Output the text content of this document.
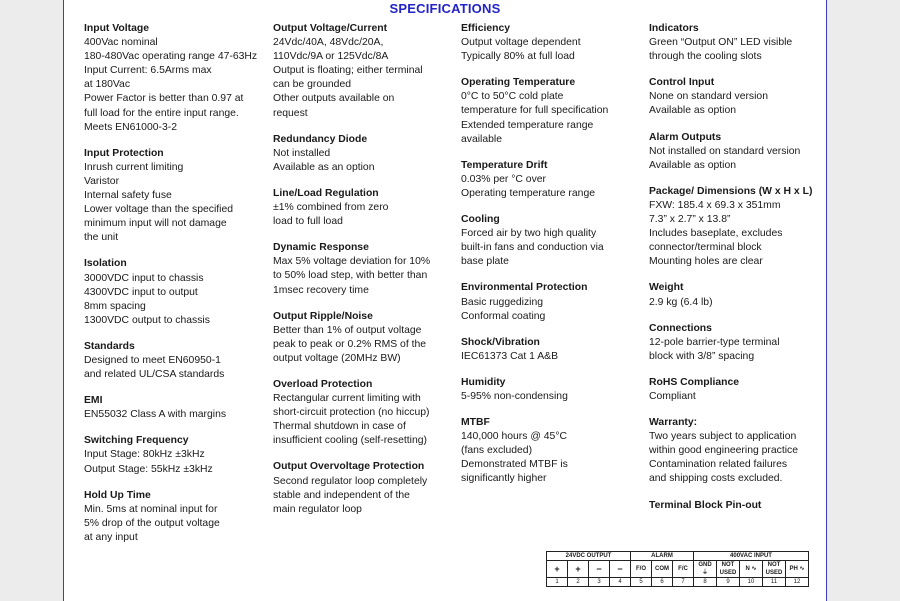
SPECIFICATIONS
Input Voltage
400Vac nominal
180-480Vac operating range 47-63Hz
Input Current: 6.5Arms max
at 180Vac
Power Factor is better than 0.97 at
full load for the entire input range.
Meets EN61000-3-2
Input Protection
Inrush current limiting
Varistor
Internal safety fuse
Lower voltage than the specified
minimum input will not damage
the unit
Isolation
3000VDC input to chassis
4300VDC input to output
8mm spacing
1300VDC output to chassis
Standards
Designed to meet EN60950-1
and related UL/CSA standards
EMI
EN55032 Class A with margins
Switching Frequency
Input Stage: 80kHz ±3kHz
Output Stage: 55kHz ±3kHz
Hold Up Time
Min. 5ms at nominal input for
5% drop of the output voltage
at any input
Output Voltage/Current
24Vdc/40A, 48Vdc/20A,
110Vdc/9A or 125Vdc/8A
Output is floating; either terminal
can be grounded
Other outputs available on
request
Redundancy Diode
Not installed
Available as an option
Line/Load Regulation
±1% combined from zero
load to full load
Dynamic Response
Max 5% voltage deviation for 10%
to 50% load step, with better than
1msec recovery time
Output Ripple/Noise
Better than 1% of output voltage
peak to peak or 0.2% RMS of the
output voltage (20MHz BW)
Overload Protection
Rectangular current limiting with
short-circuit protection (no hiccup)
Thermal shutdown in case of
insufficient cooling (self-resetting)
Output Overvoltage Protection
Second regulator loop completely
stable and independent of the
main regulator loop
Efficiency
Output voltage dependent
Typically 80% at full load
Operating Temperature
0°C to 50°C cold plate
temperature for full specification
Extended temperature range
available
Temperature Drift
0.03% per °C over
Operating temperature range
Cooling
Forced air by two high quality
built-in fans and conduction via
base plate
Environmental Protection
Basic ruggedizing
Conformal coating
Shock/Vibration
IEC61373 Cat 1 A&B
Humidity
5-95% non-condensing
MTBF
140,000 hours @ 45°C
(fans excluded)
Demonstrated MTBF is
significantly higher
Indicators
Green “Output ON” LED visible
through the cooling slots
Control Input
None on standard version
Available as option
Alarm Outputs
Not installed on standard version
Available as option
Package/ Dimensions (W x H x L)
FXW: 185.4 x 69.3 x 351mm
7.3” x 2.7” x 13.8”
Includes baseplate, excludes
connector/terminal block
Mounting holes are clear
Weight
2.9 kg (6.4 lb)
Connections
12-pole barrier-type terminal
block with 3/8” spacing
RoHS Compliance
Compliant
Warranty:
Two years subject to application
within good engineering practice
Contamination related failures
and shipping costs excluded.
Terminal Block Pin-out
24VDC OUTPUT				ALARM			400VAC INPUT				
+	+	−	−	F/O	COM	F/C	GND ⏚	NOT USED	N ∿	NOT USED	PH ∿
1	2	3	4	5	6	7	8	9	10	11	12
